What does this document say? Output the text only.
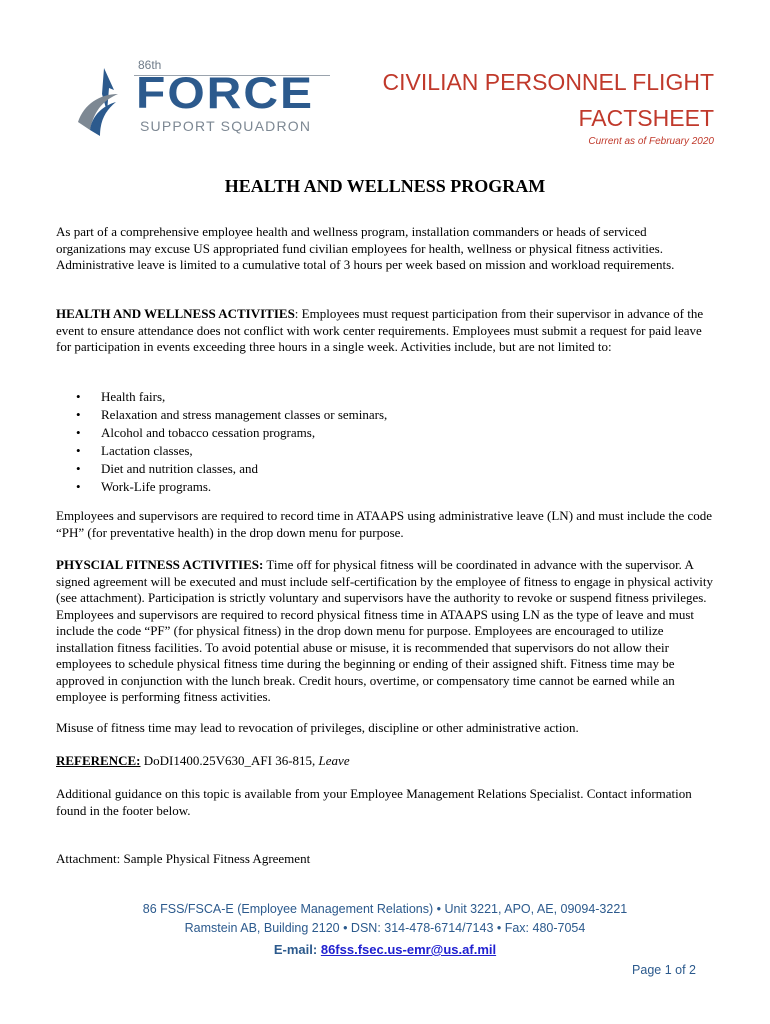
86th
FORCE
SUPPORT SQUADRON
CIVILIAN PERSONNEL FLIGHT
FACTSHEET
Current as of February 2020
HEALTH AND WELLNESS PROGRAM
As part of a comprehensive employee health and wellness program, installation commanders or heads of serviced organizations may excuse US appropriated fund civilian employees for health, wellness or physical fitness activities. Administrative leave is limited to a cumulative total of 3 hours per week based on mission and workload requirements.
HEALTH AND WELLNESS ACTIVITIES: Employees must request participation from their supervisor in advance of the event to ensure attendance does not conflict with work center requirements. Employees must submit a request for paid leave for participation in events exceeding three hours in a single week. Activities include, but are not limited to:
• Health fairs,
• Relaxation and stress management classes or seminars,
• Alcohol and tobacco cessation programs,
• Lactation classes,
• Diet and nutrition classes, and
• Work-Life programs.
Employees and supervisors are required to record time in ATAAPS using administrative leave (LN) and must include the code “PH” (for preventative health) in the drop down menu for purpose.
PHYSCIAL FITNESS ACTIVITIES: Time off for physical fitness will be coordinated in advance with the supervisor. A signed agreement will be executed and must include self-certification by the employee of fitness to engage in physical activity (see attachment). Participation is strictly voluntary and supervisors have the authority to revoke or suspend fitness privileges. Employees and supervisors are required to record physical fitness time in ATAAPS using LN as the type of leave and must include the code “PF” (for physical fitness) in the drop down menu for purpose. Employees are encouraged to utilize installation fitness facilities. To avoid potential abuse or misuse, it is recommended that supervisors do not allow their employees to schedule physical fitness time during the beginning or ending of their assigned shift. Fitness time may be approved in conjunction with the lunch break. Credit hours, overtime, or compensatory time cannot be earned while an employee is performing fitness activities.
Misuse of fitness time may lead to revocation of privileges, discipline or other administrative action.
REFERENCE: DoDI1400.25V630_AFI 36-815, Leave
Additional guidance on this topic is available from your Employee Management Relations Specialist. Contact information found in the footer below.
Attachment: Sample Physical Fitness Agreement
86 FSS/FSCA-E (Employee Management Relations) • Unit 3221, APO, AE, 09094-3221
Ramstein AB, Building 2120 • DSN: 314-478-6714/7143 • Fax: 480-7054
E-mail: 86fss.fsec.us-emr@us.af.mil
Page 1 of 2
